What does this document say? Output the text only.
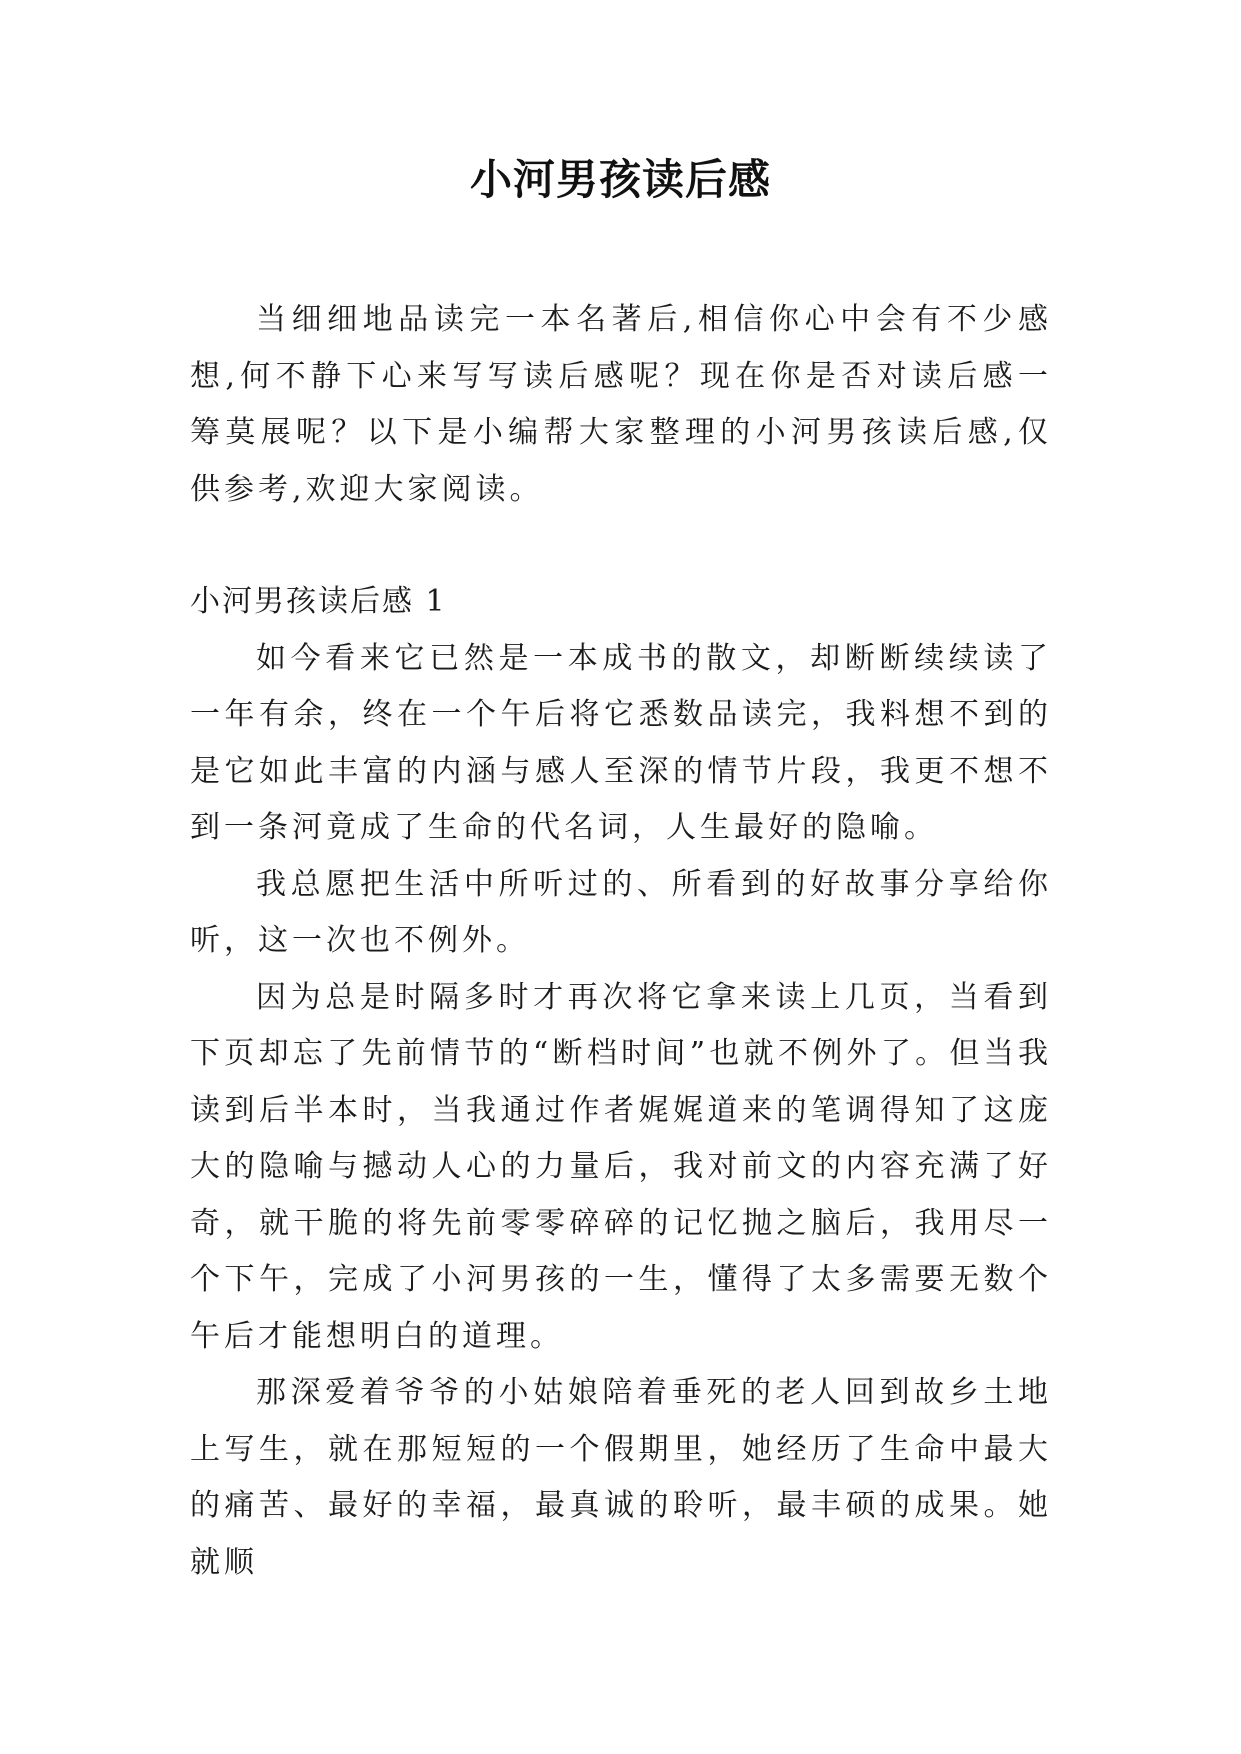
小河男孩读后感

当细细地品读完一本名著后,相信你心中会有不少感想,何不静下心来写写读后感呢？现在你是否对读后感一筹莫展呢？以下是小编帮大家整理的小河男孩读后感,仅供参考,欢迎大家阅读。

小河男孩读后感 1

如今看来它已然是一本成书的散文，却断断续续读了一年有余，终在一个午后将它悉数品读完，我料想不到的是它如此丰富的内涵与感人至深的情节片段，我更不想不到一条河竟成了生命的代名词，人生最好的隐喻。

我总愿把生活中所听过的、所看到的好故事分享给你听，这一次也不例外。

因为总是时隔多时才再次将它拿来读上几页，当看到下页却忘了先前情节的“断档时间”也就不例外了。但当我读到后半本时，当我通过作者娓娓道来的笔调得知了这庞大的隐喻与撼动人心的力量后，我对前文的内容充满了好奇，就干脆的将先前零零碎碎的记忆抛之脑后，我用尽一个下午，完成了小河男孩的一生，懂得了太多需要无数个午后才能想明白的道理。

那深爱着爷爷的小姑娘陪着垂死的老人回到故乡土地上写生，就在那短短的一个假期里，她经历了生命中最大的痛苦、最好的幸福，最真诚的聆听，最丰硕的成果。她就顺
